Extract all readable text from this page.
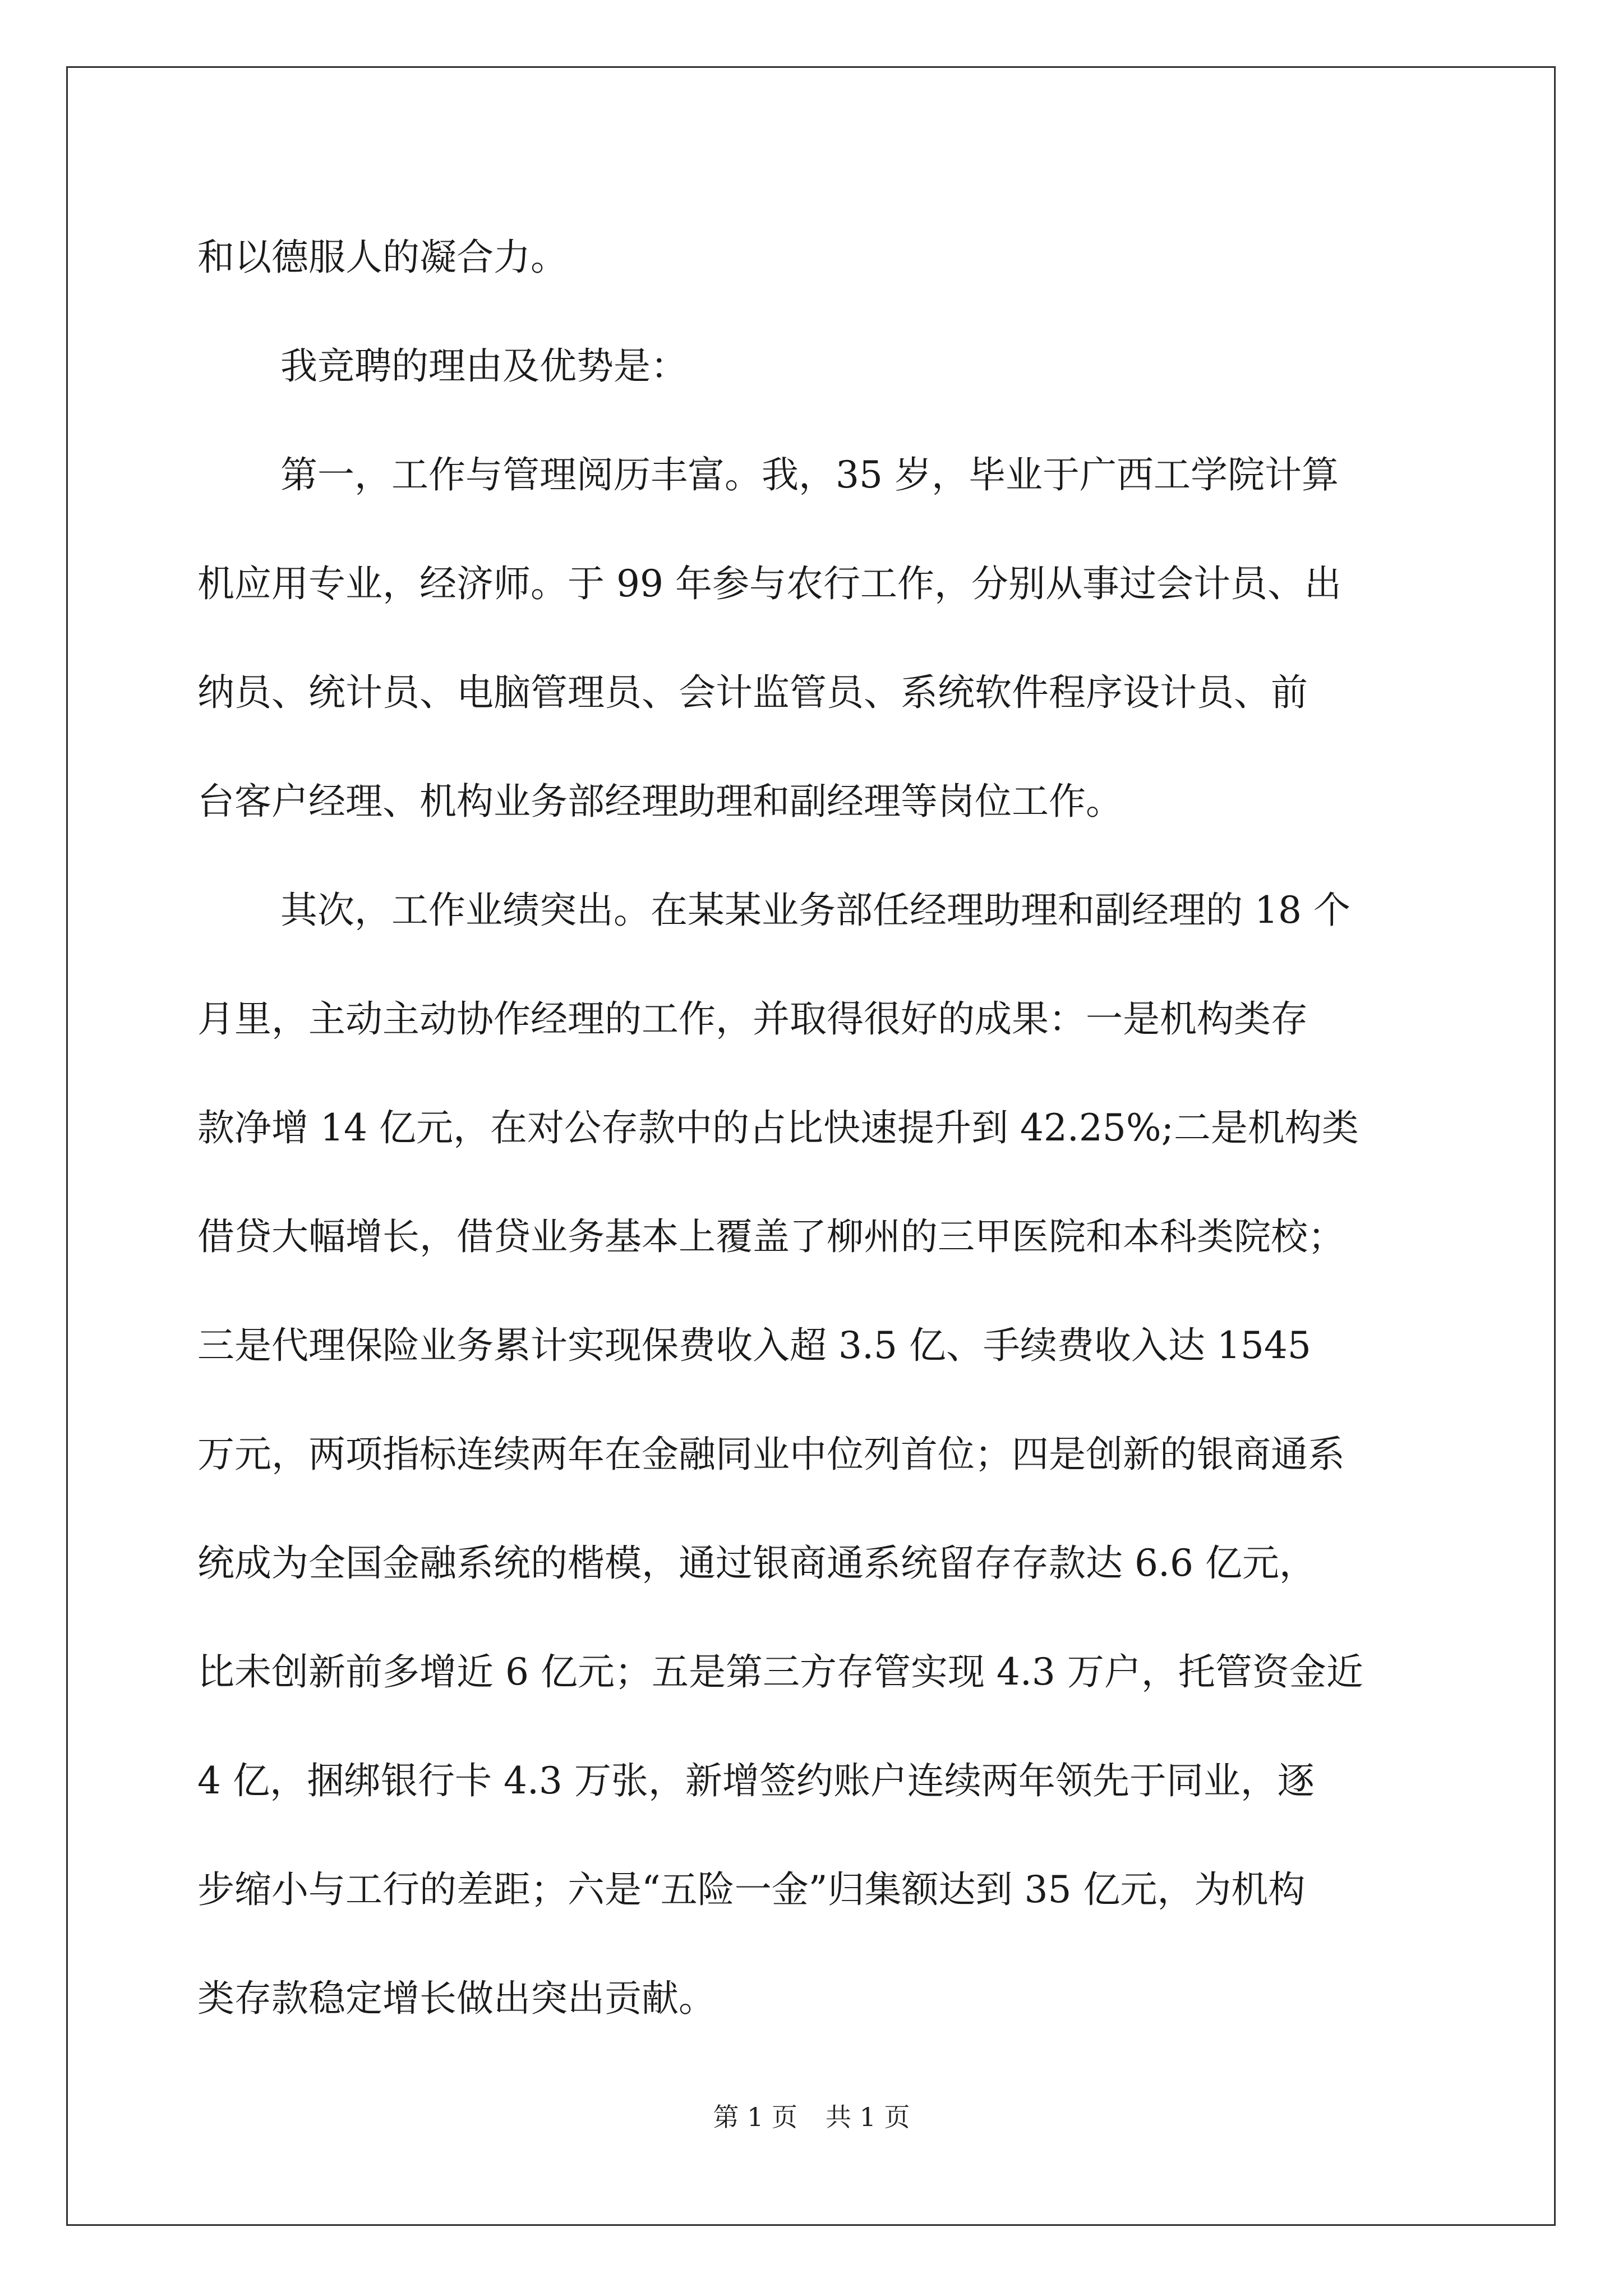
和以德服人的凝合力。
我竞聘的理由及优势是：
第一，工作与管理阅历丰富。我，35 岁，毕业于广西工学院计算
机应用专业，经济师。于 99 年参与农行工作，分别从事过会计员、出
纳员、统计员、电脑管理员、会计监管员、系统软件程序设计员、前
台客户经理、机构业务部经理助理和副经理等岗位工作。
其次，工作业绩突出。在某某业务部任经理助理和副经理的 18 个
月里，主动主动协作经理的工作，并取得很好的成果：一是机构类存
款净增 14 亿元，在对公存款中的占比快速提升到 42.25%;二是机构类
借贷大幅增长，借贷业务基本上覆盖了柳州的三甲医院和本科类院校；
三是代理保险业务累计实现保费收入超 3.5 亿、手续费收入达 1545
万元，两项指标连续两年在金融同业中位列首位；四是创新的银商通系
统成为全国金融系统的楷模，通过银商通系统留存存款达 6.6 亿元，
比未创新前多增近 6 亿元；五是第三方存管实现 4.3 万户，托管资金近
4 亿，捆绑银行卡 4.3 万张，新增签约账户连续两年领先于同业，逐
步缩小与工行的差距；六是“五险一金”归集额达到 35 亿元，为机构
类存款稳定增长做出突出贡献。
第 1 页 共 1 页
